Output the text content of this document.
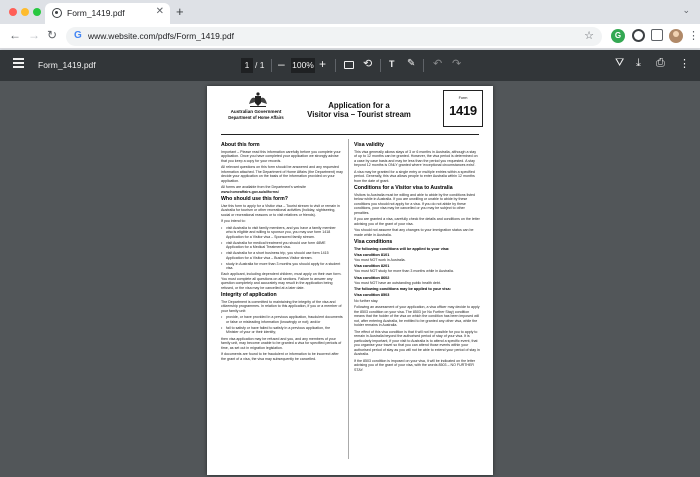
Form_1419.pdf	✕ +	⌄
← → ↻ G www.website.com/pdfs/Form_1419.pdf	☆	G	⋮
Form_1419.pdf	1 / 1 – 100% +	⟲ T ✎ ↶ ↷	⛛ ⤓ ⎙ ⋮
Australian Government
Department of Home Affairs
Application for a
Visitor visa – Tourist stream
Form
1419
About this form
Important – Please read this information carefully before you complete your application. Once you have completed your application we strongly advise that you keep a copy for your records.
All relevant questions on this form should be answered and any requested information attached. The Department of Home Affairs (the Department) may decide your application on the basis of the information provided on your application.
All forms are available from the Department's website
www.homeaffairs.gov.au/allforms/
Who should use this form?
Use this form to apply for a Visitor visa – Tourist stream to visit or remain in Australia for tourism or other recreational activities (holiday, sightseeing, social or recreational reasons or to visit relatives or friends).
If you intend to:
• visit Australia to visit family members, and you have a family member who is eligible and willing to sponsor you, you may use form 1418 Application for a Visitor visa – Sponsored family stream.
• visit Australia for medical treatment you should use form 48ME Application for a Medical Treatment visa.
• visit Australia for a short business trip, you should use form 1415 Application for a Visitor visa – Business Visitor stream.
• study in Australia for more than 3 months you should apply for a student visa.
Each applicant, including dependent children, must apply on their own form. You must complete all questions on all sections. Failure to answer any question completely and accurately may result in the application being refused, or the visa may be cancelled at a later date.
Integrity of application
The Department is committed to maintaining the integrity of the visa and citizenship programmes. In relation to this application, if you or a member of your family unit:
• provide, or have provided in a previous application, fraudulent documents or false or misleading information (knowingly or not); and/or
• fail to satisfy or have failed to satisfy in a previous application, the Minister of your or their identity;
then visa application may be refused and you, and any members of your family unit, may become unable to be granted a visa for specified periods of time, as set out in migration legislation.
If documents are found to be fraudulent or information to be incorrect after the grant of a visa, the visa may subsequently be cancelled.
Visa validity
This visa generally allows stays of 3 or 6 months in Australia, although a stay of up to 12 months can be granted. However, the visa period is determined on a case by case basis and may be less than the period you requested. A stay beyond 12 months is ONLY granted where 'exceptional circumstances exist'.
A visa may be granted for a single entry or multiple entries within a specified period. Generally, this visa allows people to enter Australia within 12 months from the date of grant.
Conditions for a Visitor visa to Australia
Visitors to Australia must be willing and able to abide by the conditions listed below while in Australia. If you are unwilling or unable to abide by these conditions you should not apply for a visa. If you do not abide by these conditions, your visa may be cancelled or you may be subject to other penalties.
If you are granted a visa, carefully check the details and conditions on the letter advising you of the grant of your visa.
You should not assume that any changes to your immigration status can be made while in Australia.
Visa conditions
The following conditions will be applied to your visa:
Visa condition 8101
You must NOT work in Australia.
Visa condition 8201
You must NOT study for more than 3 months while in Australia.
Visa condition 8602
You must NOT have an outstanding public health debt.
The following conditions may be applied to your visa:
Visa condition 8503
No further stay.
Following an assessment of your application, a visa officer may decide to apply the 8503 condition on your visa. The 8503 (or No Further Stay) condition means that the holder of the visa on which the condition has been imposed will not, after entering Australia, be entitled to be granted any other visa, while the holder remains in Australia.
The effect of this visa condition is that it will not be possible for you to apply to remain in Australia beyond the authorised period of stay of your visa. It is particularly important, if your visit to Australia is to attend a specific event, that you organise your travel so that you can attend those events within your authorised period of stay as you will not be able to extend your period of stay in Australia.
If the 8503 condition is imposed on your visa, it will be indicated on the letter advising you of the grant of your visa, with the words 8503 – NO FURTHER STAY.
